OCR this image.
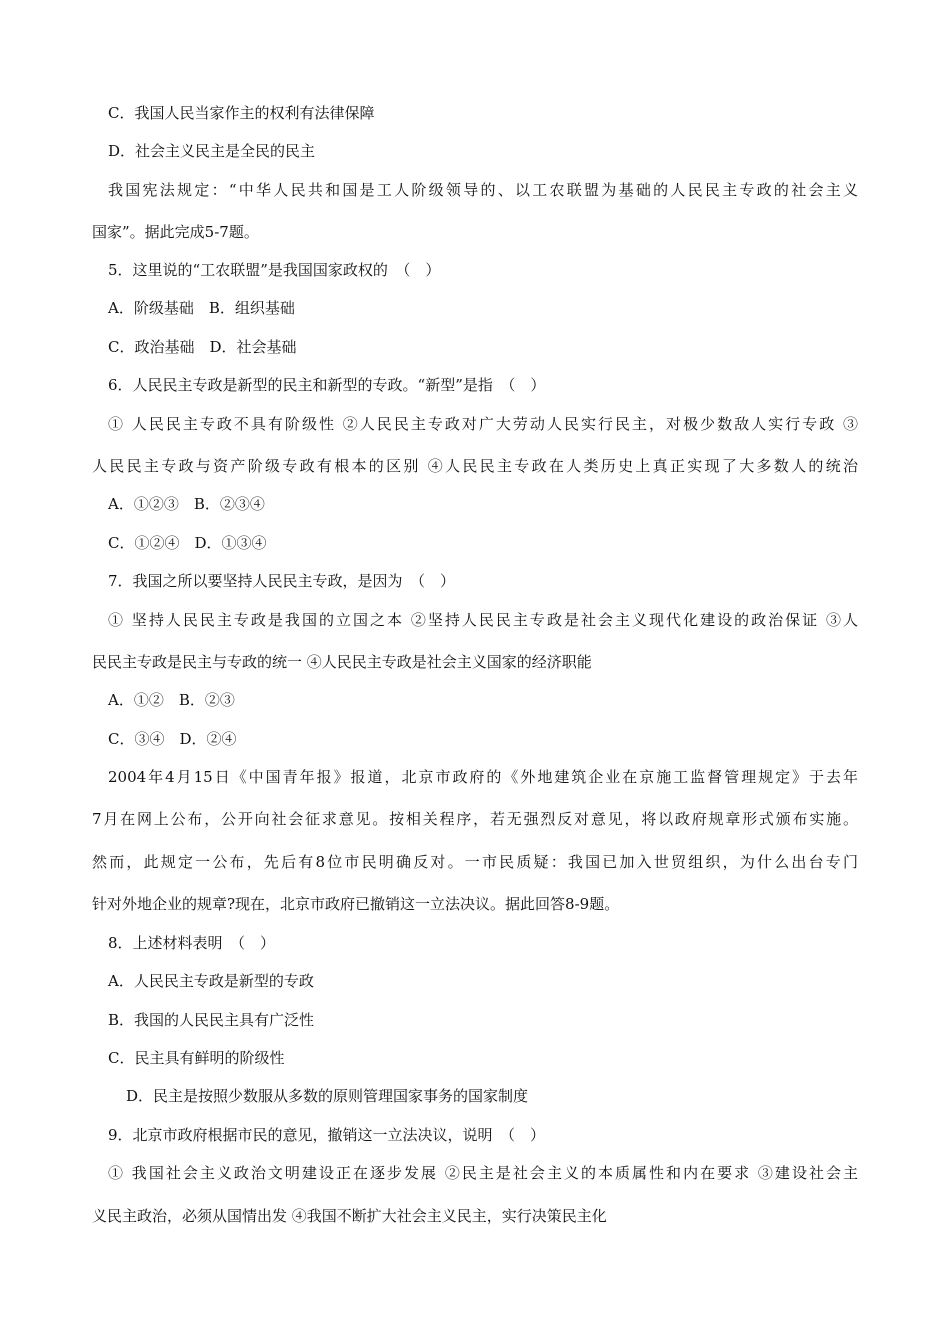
C．我国人民当家作主的权利有法律保障
D．社会主义民主是全民的民主
我国宪法规定：“中华人民共和国是工人阶级领导的、以工农联盟为基础的人民民主专政的社会主义
国家”。据此完成5-7题。
5．这里说的“工农联盟”是我国国家政权的　（　）
A．阶级基础　B．组织基础
C．政治基础　D．社会基础
6．人民民主专政是新型的民主和新型的专政。“新型”是指　（　）
① 人民民主专政不具有阶级性 ②人民民主专政对广大劳动人民实行民主，对极少数敌人实行专政 ③
人民民主专政与资产阶级专政有根本的区别 ④人民民主专政在人类历史上真正实现了大多数人的统治
A．①②③　B．②③④
C．①②④　D．①③④
7．我国之所以要坚持人民民主专政，是因为　（　）
① 坚持人民民主专政是我国的立国之本 ②坚持人民民主专政是社会主义现代化建设的政治保证 ③人
民民主专政是民主与专政的统一 ④人民民主专政是社会主义国家的经济职能
A．①②　B．②③
C．③④　D．②④
2004年4月15日《中国青年报》报道，北京市政府的《外地建筑企业在京施工监督管理规定》于去年
7月在网上公布，公开向社会征求意见。按相关程序，若无强烈反对意见，将以政府规章形式颁布实施。
然而，此规定一公布，先后有8位市民明确反对。一市民质疑：我国已加入世贸组织，为什么出台专门
针对外地企业的规章?现在，北京市政府已撤销这一立法决议。据此回答8-9题。
8．上述材料表明　（　）
A．人民民主专政是新型的专政
B．我国的人民民主具有广泛性
C．民主具有鲜明的阶级性
D．民主是按照少数服从多数的原则管理国家事务的国家制度
9．北京市政府根据市民的意见，撤销这一立法决议，说明　（　）
① 我国社会主义政治文明建设正在逐步发展 ②民主是社会主义的本质属性和内在要求 ③建设社会主
义民主政治，必须从国情出发 ④我国不断扩大社会主义民主，实行决策民主化
